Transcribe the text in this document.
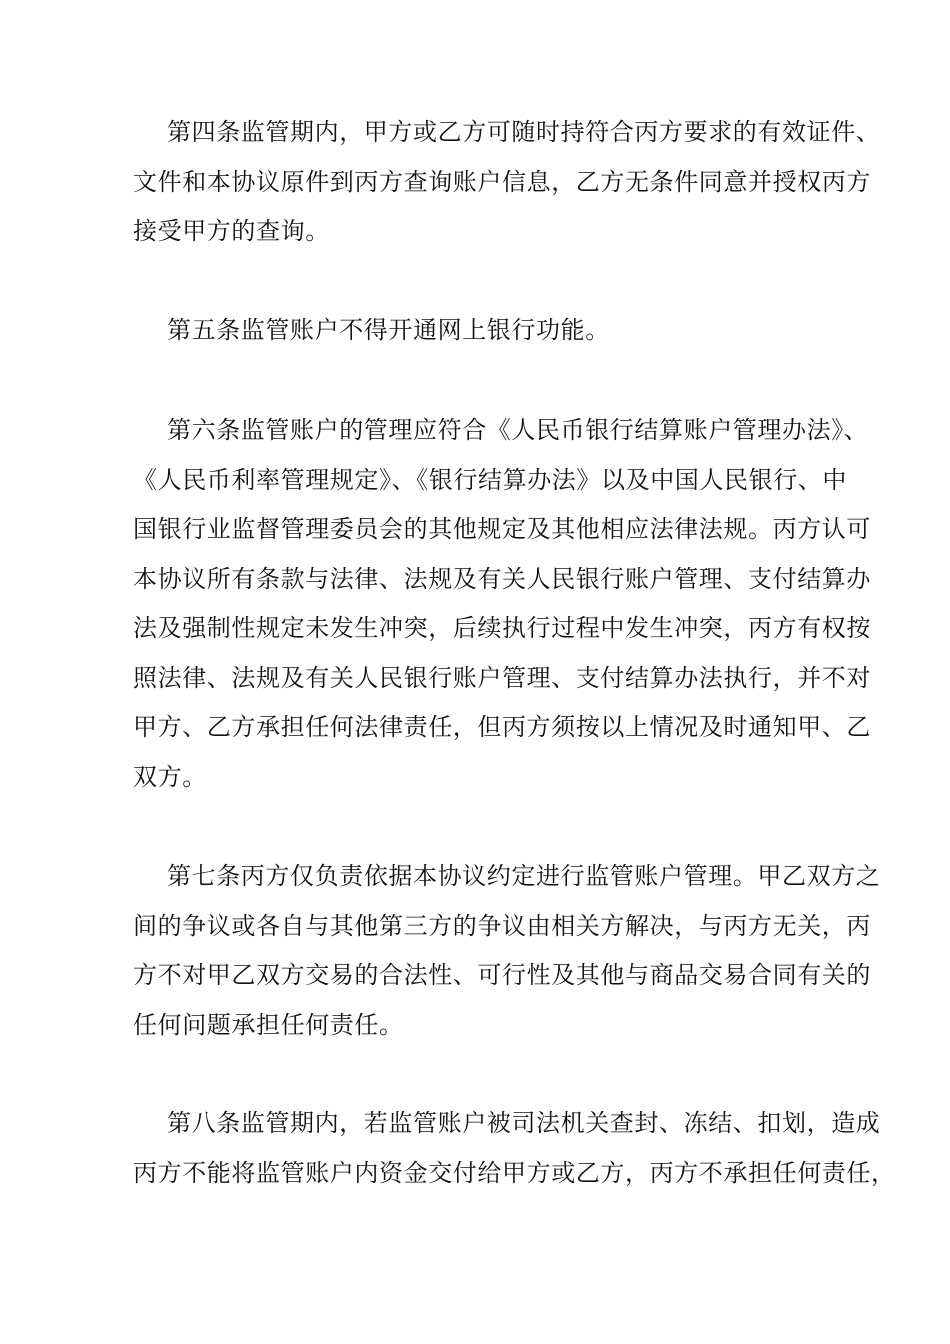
第四条监管期内，甲方或乙方可随时持符合丙方要求的有效证件、
文件和本协议原件到丙方查询账户信息，乙方无条件同意并授权丙方
接受甲方的查询。
第五条监管账户不得开通网上银行功能。
第六条监管账户的管理应符合《人民币银行结算账户管理办法》、
《人民币利率管理规定》、《银行结算办法》以及中国人民银行、中
国银行业监督管理委员会的其他规定及其他相应法律法规。丙方认可
本协议所有条款与法律、法规及有关人民银行账户管理、支付结算办
法及强制性规定未发生冲突，后续执行过程中发生冲突，丙方有权按
照法律、法规及有关人民银行账户管理、支付结算办法执行，并不对
甲方、乙方承担任何法律责任，但丙方须按以上情况及时通知甲、乙
双方。
第七条丙方仅负责依据本协议约定进行监管账户管理。甲乙双方之
间的争议或各自与其他第三方的争议由相关方解决，与丙方无关，丙
方不对甲乙双方交易的合法性、可行性及其他与商品交易合同有关的
任何问题承担任何责任。
第八条监管期内，若监管账户被司法机关查封、冻结、扣划，造成
丙方不能将监管账户内资金交付给甲方或乙方，丙方不承担任何责任，
